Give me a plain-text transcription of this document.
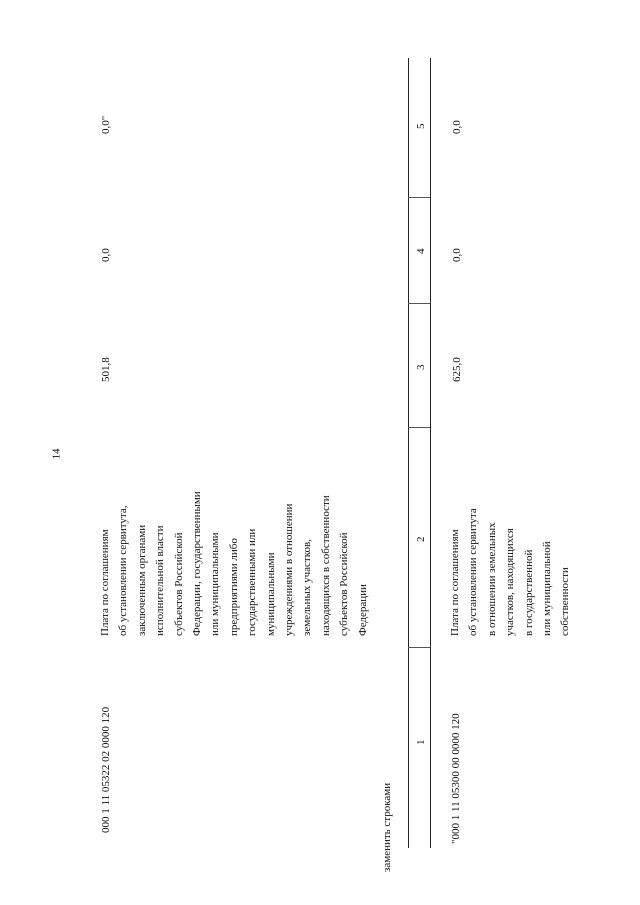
14
000 1 11 05322 02 0000 120
Плата по соглашениям
об установлении сервитута,
заключенным органами
исполнительной власти
субъектов Российской
Федерации, государственными
или муниципальными
предприятиями либо
государственными или
муниципальными
учреждениями в отношении
земельных участков,
находящихся в собственности
субъектов Российской
Федерации
501,8
0,0
0,0"
заменить строками
1
2
3
4
5
"000 1 11 05300 00 0000 120
Плата по соглашениям
об установлении сервитута
в отношении земельных
участков, находящихся
в государственной
или муниципальной
собственности
625,0
0,0
0,0
